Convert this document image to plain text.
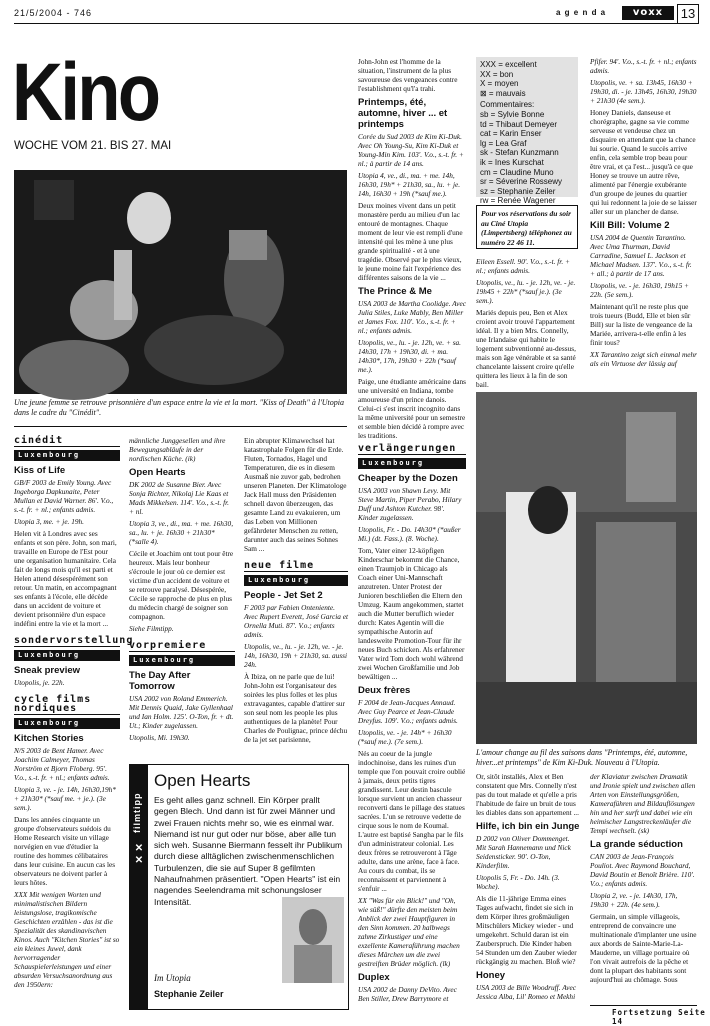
21/5/2004 - 746	a g e n d a	voxx	13
Kino
WOCHE VOM 21. BIS 27. MAI
Une jeune femme se retrouve prisonnière d'un espace entre la vie et la mort. "Kiss of Death" à l'Utopia dans le cadre du "Cinédit".

John-John est l'homme de la situation, l'instrument de la plus savoureuse des vengeances contre l'establishment qu'l'a trahi.

Printemps, été, automne, hiver ... et printemps

Corée du Sud 2003 de Kim Ki-Duk. Avec Oh Young-Su, Kim Ki-Duk et Young-Min Kim. 103'. V.o., s.-t. fr. + nl.; à partir de 14 ans.

Utopia 4, ve., di., ma. + me. 14h, 16h30, 19h* + 21h30, sa., lu. + je. 14h, 16h30 + 19h (*sauf me.).

Deux moines vivent dans un petit monastère perdu au milieu d'un lac entouré de montagnes. Chaque moment de leur vie est rempli d'une intensité qui les mène à une plus grande spiritualité - et à une tragédie. Observé par le plus vieux, le jeune moine fait l'expérience des différentes saisons de la vie ...

The Prince & Me

USA 2003 de Martha Coolidge. Avec Julia Stiles, Luke Mably, Ben Miller et James Fox. 110'. V.o., s.-t. fr. + nl.; enfants admis.

Utopolis, ve., lu. - je. 12h, ve. + sa. 14h30, 17h + 19h30, di. + ma. 14h30*, 17h, 19h30 + 22h (*sauf me.).

Paige, une étudiante américaine dans une université en Indiana, tombe amoureuse d'un prince danois. Celui-ci s'est inscrit incognito dans la même université pour un semestre et semble bien décidé à rompre avec les traditions.

XXX = excellent
XX = bon
X = moyen
⊠ = mauvais
Commentaires:
sb = Sylvie Bonne
td = Thibaut Demeyer
cat = Karin Enser
lg = Lea Graf
sk - Stefan Kunzmann
ik = Ines Kurschat
cm = Claudine Muno
sr = Séverine Rossewy
sz = Stephanie Zeiler
rw = Renée Wagener
Pour vos réservations du soir au Ciné Utopia (Limpertsberg) téléphonez au numéro 22 46 11.

Eileen Essell. 90'. V.o., s.-t. fr. + nl.; enfants admis.

Utopolis, ve., lu. - je. 12h, ve. - je. 19h45 + 22h* (*sauf je.). (3e sem.).

Mariés depuis peu, Ben et Alex croient avoir trouvé l'appartement idéal. Il y a bien Mrs. Connelly, une Irlandaise qui habite le logement subventionné au-dessus, mais son âge vénérable et sa santé chancelante laissent croire qu'elle quittera les lieux à la fin de son bail.

Pfifer. 94'. V.o., s.-t. fr. + nl.; enfants admis.

Utopolis, ve. + sa. 13h45, 16h30 + 19h30, di. - je. 13h45, 16h30, 19h30 + 21h30 (4e sem.).

Honey Daniels, danseuse et chorégraphe, gagne sa vie comme serveuse et vendeuse chez un disquaire en attendant que la chance lui sourie. Quand le succès arrive enfin, cela semble trop beau pour être vrai, et ça l'est... jusqu'à ce que Honey se trouve un autre rêve, alimenté par l'énergie exubérante d'un groupe de jeunes du quartier qui lui redonnent la joie de se laisser aller sur un plancher de danse.

Kill Bill: Volume 2

USA 2004 de Quentin Tarantino. Avec Uma Thurman, David Carradine, Samuel L. Jackson et Michael Madsen. 137'. V.o., s.-t. fr. + all.; à partir de 17 ans.

Utopolis, ve. - je. 16h30, 19h15 + 22h. (5e sem.).

Maintenant qu'il ne reste plus que trois tueurs (Budd, Elle et bien sûr Bill) sur la liste de vengeance de la Mariée, arriverа-t-elle enfin à les finir tous?

XX Tarantino zeigt sich einmal mehr als ein Virtuose der lässig auf

L'amour change au fil des saisons dans "Printemps, été, automne, hiver...et printemps" de Kim Ki-Duk. Nouveau à l'Utopia.
cinédit
Luxembourg
Kiss of Life

GB/F 2003 de Emily Young. Avec Ingeborga Dapkunaite, Peter Mullan et David Warner. 86'. V.o., s.-t. fr. + nl.; enfants admis.

Utopia 3, me. + je. 19h.

Helen vit à Londres avec ses enfants et son père. John, son mari, travaille en Europe de l'Est pour une organisation humanitaire. Cela fait de longs mois qu'il est parti et Helen attend désespérément son retour. Un matin, en accompagnant ses enfants à l'école, elle décède dans un accident de voiture et devient prisonnière d'un espace indéfini entre la vie et la mort ...

sondervorstellung
Luxembourg
Sneak preview

Utopolis, je. 22h.

cycle films nordiques
Luxembourg
Kitchen Stories

N/S 2003 de Bent Hamer. Avec Joachim Calmeyer, Thomas Norström et Bjorn Floberg. 95'. V.o., s.-t. fr. + nl.; enfants admis.

Utopia 3, ve. - je. 14h, 16h30,19h* + 21h30* (*sauf me. + je.). (3e sem.).

Dans les années cinquante un groupe d'observateurs suédois du Home Research visite un village norvégien en vue d'étudier la routine des hommes célibataires dans leur cuisine. En aucun cas les observateurs ne doivent parler à leurs hôtes.

XXX Mit wenigen Worten und minimalistischen Bildern leistungslose, tragikomische Geschichten erzählen - das ist die Spezialität des skandinavischen Kinos. Auch "Kitchen Stories" ist so ein kleines Juwel, dank hervorragender Schauspielerleistungen und einer absurden Versuchsanordnung aus den 1950ern:

männliche Junggesellen und ihre Bewegungsabläufe in der nordischen Küche. (ik)

Open Hearts

DK 2002 de Susanne Bier. Avec Sonja Richter, Nikolaj Lie Kaas et Mads Mikkelsen. 114'. V.o., s.-t. fr. + nl.

Utopia 3, ve., di., ma. + me. 16h30, sa., lu. + je. 16h30 + 21h30* (*salle 4).

Cécile et Joachim ont tout pour être heureux. Mais leur bonheur s'écroule le jour où ce dernier est victime d'un accident de voiture et se retrouve paralysé. Désespérée, Cécile se rapproche de plus en plus du médecin chargé de soigner son compagnon.

Siehe Filmtipp.

vorpremiere
Luxembourg
The Day After Tomorrow

USA 2002 von Roland Emmerich. Mit Dennis Quaid, Jake Gyllenhaal und Ian Holm. 125'. O-Ton, fr. + dt. Ut.; Kinder zugelassen.

Utopolis, Mi. 19h30.

Ein abrupter Klimawechsel hat katastrophale Folgen für die Erde. Fluten, Tornados, Hagel und Temperaturen, die es in diesem Ausmaß nie zuvor gab, bedrohen unseren Planeten. Der Klimatologe Jack Hall muss den Präsidenten schnell davon überzeugen, das gesamte Land zu evakuieren, um das Leben von Millionen gefährdeter Menschen zu retten, darunter auch das seines Sohnes Sam ...

neue filme
Luxembourg
People - Jet Set 2

F 2003 par Fabien Onteniente. Avec Rupert Everett, José Garcia et Ornella Muti. 87'. V.o.; enfants admis.

Utopolis, ve., lu. - je. 12h, ve. - je. 14h, 16h30, 19h + 21h30, sa. aussi 24h.

À Ibiza, on ne parle que de lui! John-John est l'organisateur des soirées les plus folles et les plus extravagantes, capable d'attirer sur son seul nom les people les plus authentiques de la planète! Pour Charles de Poulignac, prince déchu de la jet set parisienne,

filmtipp
✕
✕
Open Hearts
Es geht alles ganz schnell. Ein Körper prallt gegen Blech. Und dann ist für zwei Männer und zwei Frauen nichts mehr so, wie es einmal war. Niemand ist nur gut oder nur böse, aber alle tun sich weh. Susanne Biermann fesselt ihr Publikum durch diese alltäglichen zwischenmenschlichen Turbulenzen, die sie auf Super 8 gefilmten Nahaufnahmen präsentiert. "Open Hearts" ist ein nagendes Seelendrama mit schonungsloser Intensität.
Im Utopia
Stephanie Zeiler
verlängerungen
Luxembourg
Cheaper by the Dozen

USA 2003 von Shawn Levy. Mit Steve Martin, Piper Perabo, Hilary Duff und Ashton Kutcher. 98'. Kinder zugelassen.

Utopolis, Fr. - Do. 14h30* (*außer Mi.) (dt. Fass.). (8. Woche).

Tom, Vater einer 12-köpfigen Kinderschar bekommt die Chance, einen Traumjob in Chicago als Coach einer Uni-Mannschaft anzutreten. Unter Protest der Junioren beschließen die Eltern den Umzug. Kaum angekommen, startet auch die Mutter beruflich wieder durch: Kates Agentin will die sympathische Autorin auf landesweite Promotion-Tour für ihr neues Buch schicken. Als erfahrener Vater wird Tom doch wohl während zwei Wochen Großfamilie und Job bewältigen ...

Deux frères

F 2004 de Jean-Jacques Annaud. Avec Guy Pearce et Jean-Claude Dreyfus. 109'. V.o.; enfants admis.

Utopolis, ve. - je. 14h* + 16h30 (*sauf me.). (7e sem.).

Nés au coeur de la jungle indochinoise, dans les ruines d'un temple que l'on pouvait croire oublié à jamais, deux petits tigres grandissent. Leur destin bascule lorsque survient un ancien chasseur reconverti dans le pillage des statues sacrées. L'un se retrouve vedette de cirque sous le nom de Koumal. L'autre est baptisé Sangha par le fils d'un administrateur colonial. Les deux frères se retrouveront à l'âge adulte, dans une arène, face à face. Au cours du combat, ils se reconnaissent et parviennent à s'enfuir ...

XX "Was für ein Blick!" und "Oh, wie süß!" dürfte den meisten beim Anblick der zwei Hauptfiguren in den Sinn kommen. 20 halbwegs zahme Zirkustiger und eine exzellente Kameraführung machen dieses Märchen um die zwei gestreiften Brüder möglich. (lk)

Duplex

USA 2002 de Danny DeVito. Avec Ben Stiller, Drew Barrymore et

Or, sitôt installés, Alex et Ben constatent que Mrs. Connelly n'est pas du tout malade et qu'elle a pris l'habitude de faire un bruit de tous les diables dans son appartement ...

Hilfe, ich bin ein Junge

D 2002 von Oliver Dommenget. Mit Sarah Hannemann und Nick Seidensticker. 90'. O-Ton, Kinderfilm.

Utopolis 5, Fr. - Do. 14h. (3. Woche).

Als die 11-jährige Emma eines Tages aufwacht, findet sie sich in dem Körper ihres großmäuligen Mitschülers Mickey wieder - und umgekehrt. Schuld daran ist ein Zauberspruch. Die Kinder haben 54 Stunden um den Zauber wieder rückgängig zu machen. Bloß wie?

Honey

USA 2003 de Bille Woodruff. Avec Jessica Alba, Lil' Romeo et Mekhi

der Klaviatur zwischen Dramatik und Ironie spielt und zwischen allen Arten von Einstellungsgrößen, Kameraführen und Bildauflösungen hin und her surft und dabei wie ein heimischer Langstreckenläufer die Tempi wechselt. (sk)

La grande séduction

CAN 2003 de Jean-François Pouliot. Avec Raymond Bouchard, David Boutin et Benoît Brière. 110'. V.o.; enfants admis.

Utopia 2, ve. - je. 14h30, 17h, 19h30 + 22h. (4e sem.).

Germain, un simple villageois, entreprend de convaincre une multinationale d'implanter une usine aux abords de Sainte-Marie-La-Mauderne, un village portuaire où l'on vivait autrefois de la pêche et dont la plupart des habitants sont aujourd'hui au chômage. Sous

Fortsetzung Seite 14
